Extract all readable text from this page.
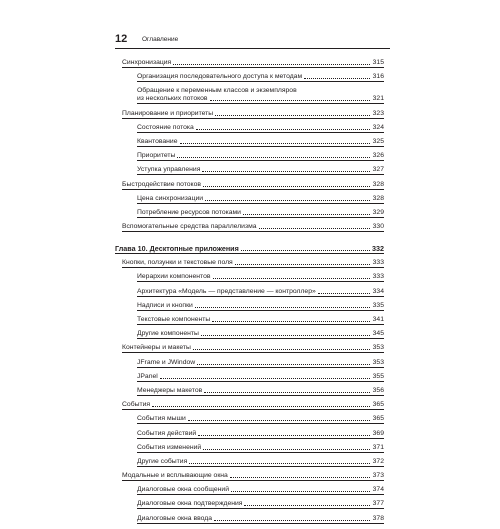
12 Оглавление
Синхронизация	315
Организация последовательного доступа к методам	316
Обращение к переменным классов и экземпляров
из нескольких потоков	321
Планирование и приоритеты	323
Состояние потока	324
Квантование	325
Приоритеты	326
Уступка управления	327
Быстродействие потоков	328
Цена синхронизации	328
Потребление ресурсов потоками	329
Вспомогательные средства параллелизма	330
Глава 10. Десктопные приложения	332
Кнопки, ползунки и текстовые поля	333
Иерархии компонентов	333
Архитектура «Модель — представление — контроллер»	334
Надписи и кнопки	335
Текстовые компоненты	341
Другие компоненты	345
Контейнеры и макеты	353
JFrame и JWindow	353
JPanel	355
Менеджеры макетов	356
События	365
События мыши	365
События действий	369
События изменений	371
Другие события	372
Модальные и всплывающие окна	373
Диалоговые окна сообщений	374
Диалоговые окна подтверждения	377
Диалоговые окна ввода	378
